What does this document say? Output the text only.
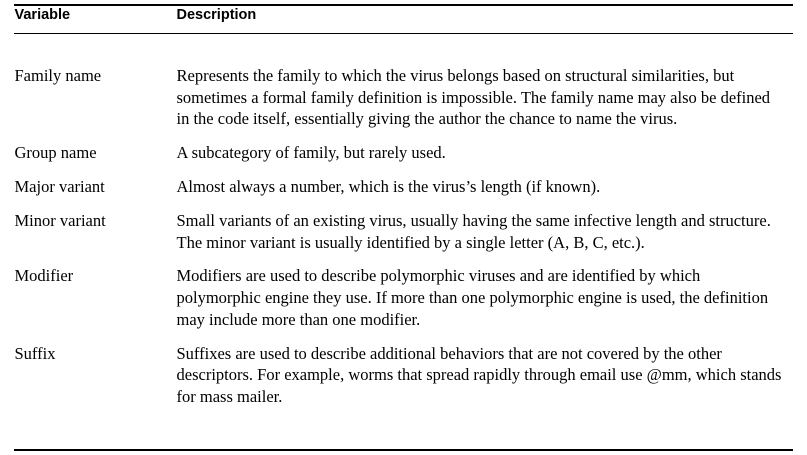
Variable	Description

Family name	Represents the family to which the virus belongs based on structural similarities, but sometimes a formal family definition is impossible. The family name may also be defined in the code itself, essentially giving the author the chance to name the virus.
Group name	A subcategory of family, but rarely used.
Major variant	Almost always a number, which is the virus’s length (if known).
Minor variant	Small variants of an existing virus, usually having the same infective length and structure. The minor variant is usually identified by a single letter (A, B, C, etc.).
Modifier	Modifiers are used to describe polymorphic viruses and are identified by which polymorphic engine they use. If more than one polymorphic engine is used, the definition may include more than one modifier.
Suffix	Suffixes are used to describe additional behaviors that are not covered by the other descriptors. For example, worms that spread rapidly through email use @mm, which stands for mass mailer.
